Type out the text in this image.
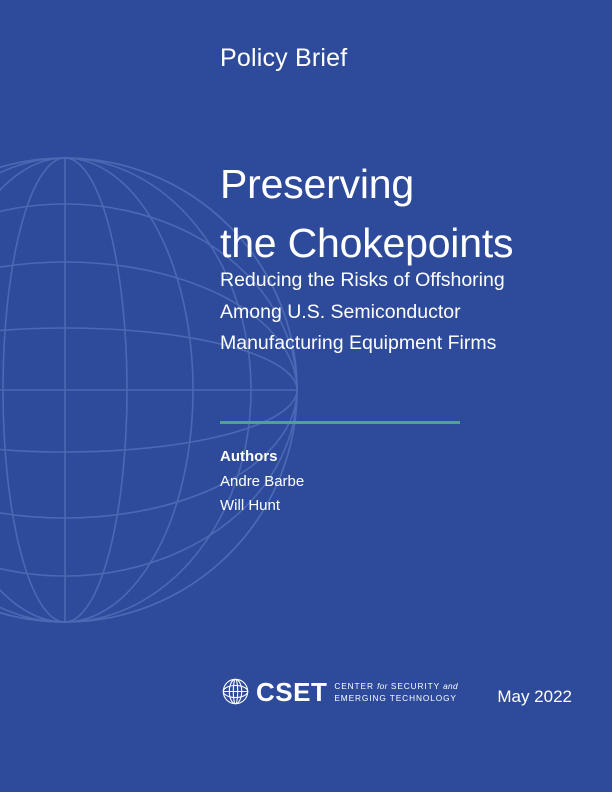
Policy Brief
Preserving
the Chokepoints
Reducing the Risks of Offshoring
Among U.S. Semiconductor
Manufacturing Equipment Firms
Authors
Andre Barbe
Will Hunt
CSET CENTER for SECURITY and
EMERGING TECHNOLOGY May 2022
